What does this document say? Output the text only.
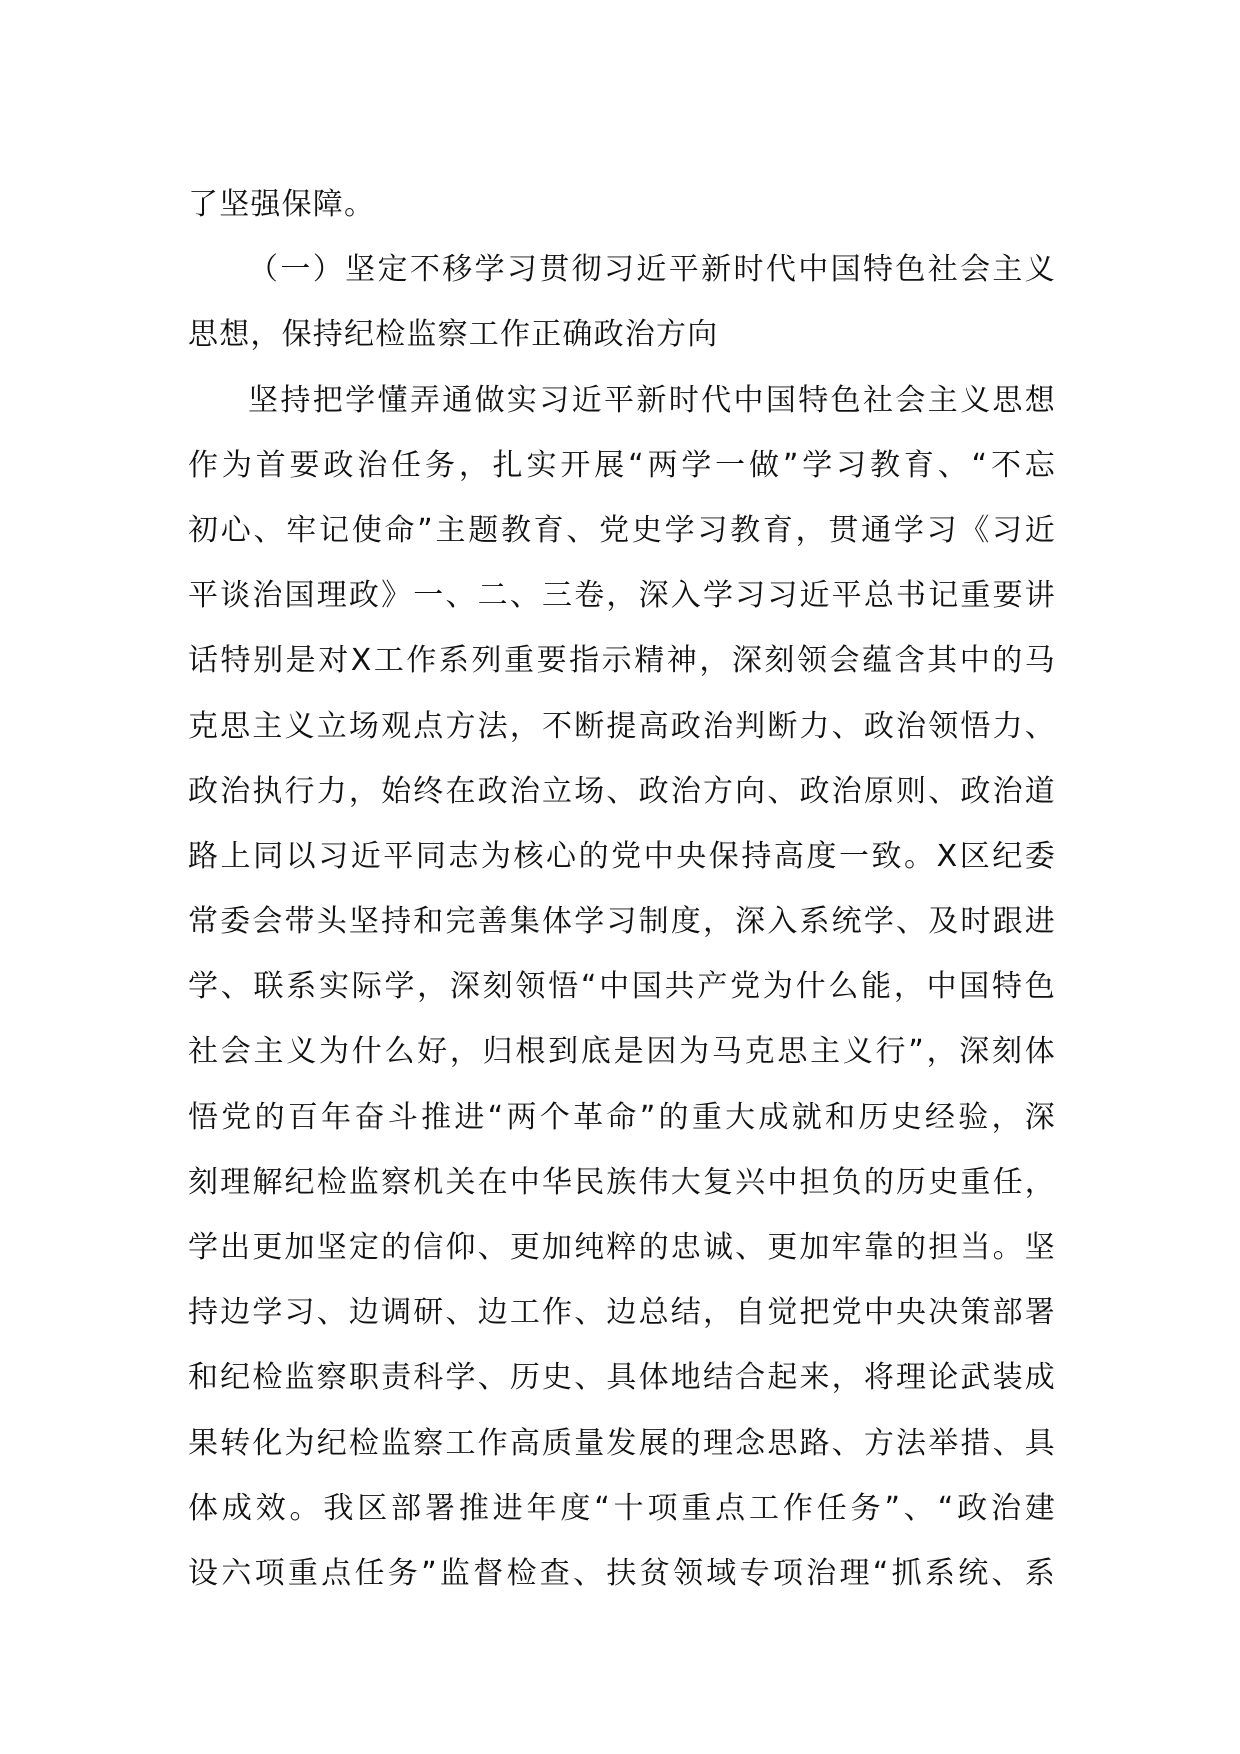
了坚强保障。
（一）坚定不移学习贯彻习近平新时代中国特色社会主义
思想，保持纪检监察工作正确政治方向
坚持把学懂弄通做实习近平新时代中国特色社会主义思想
作为首要政治任务，扎实开展“两学一做”学习教育、“不忘
初心、牢记使命”主题教育、党史学习教育，贯通学习《习近
平谈治国理政》一、二、三卷，深入学习习近平总书记重要讲
话特别是对X工作系列重要指示精神，深刻领会蕴含其中的马
克思主义立场观点方法，不断提高政治判断力、政治领悟力、
政治执行力，始终在政治立场、政治方向、政治原则、政治道
路上同以习近平同志为核心的党中央保持高度一致。X区纪委
常委会带头坚持和完善集体学习制度，深入系统学、及时跟进
学、联系实际学，深刻领悟“中国共产党为什么能，中国特色
社会主义为什么好，归根到底是因为马克思主义行”，深刻体
悟党的百年奋斗推进“两个革命”的重大成就和历史经验，深
刻理解纪检监察机关在中华民族伟大复兴中担负的历史重任，
学出更加坚定的信仰、更加纯粹的忠诚、更加牢靠的担当。坚
持边学习、边调研、边工作、边总结，自觉把党中央决策部署
和纪检监察职责科学、历史、具体地结合起来，将理论武装成
果转化为纪检监察工作高质量发展的理念思路、方法举措、具
体成效。我区部署推进年度“十项重点工作任务”、“政治建
设六项重点任务”监督检查、扶贫领域专项治理“抓系统、系
